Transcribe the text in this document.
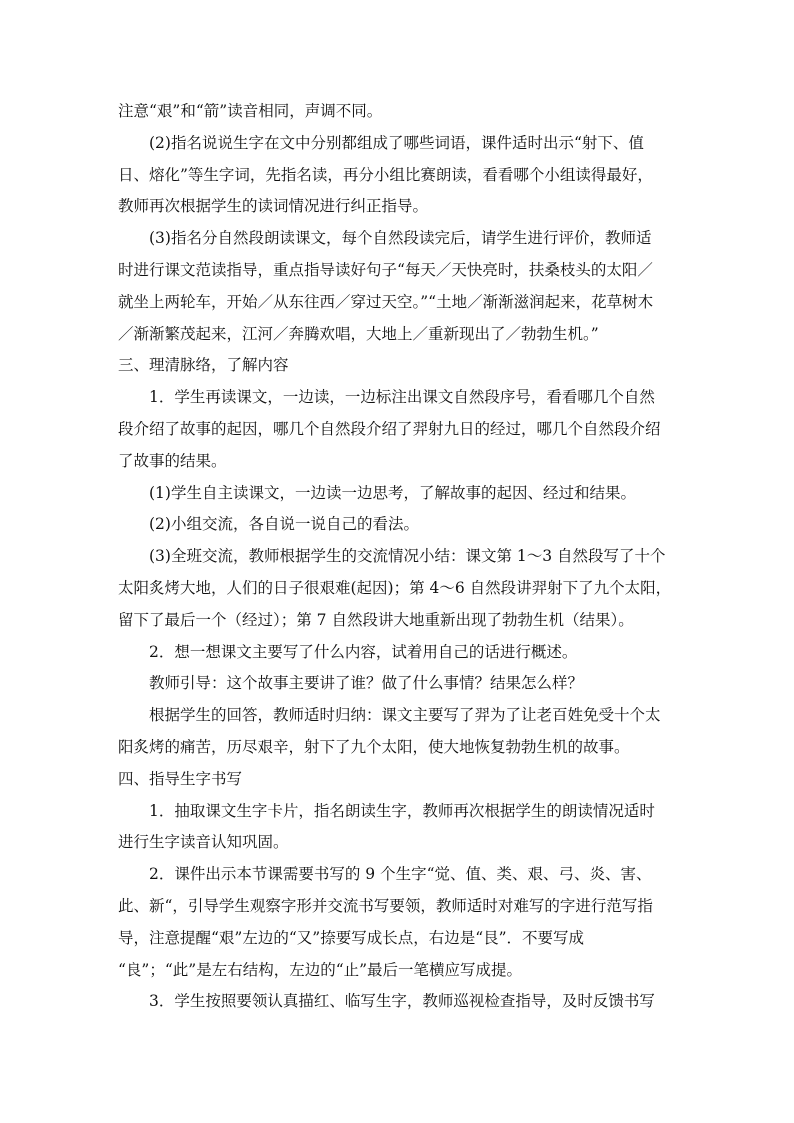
注意“艰”和“箭”读音相同，声调不同。
(2)指名说说生字在文中分别都组成了哪些词语，课件适时出示“射下、值
日、熔化”等生字词，先指名读，再分小组比赛朗读，看看哪个小组读得最好，
教师再次根据学生的读词情况进行纠正指导。
(3)指名分自然段朗读课文，每个自然段读完后，请学生进行评价，教师适
时进行课文范读指导，重点指导读好句子“每天／天快亮时，扶桑枝头的太阳／
就坐上两轮车，开始／从东往西／穿过天空。”“土地／渐渐滋润起来，花草树木
／渐渐繁茂起来，江河／奔腾欢唱，大地上／重新现出了／勃勃生机。”
三、理清脉络，了解内容
1．学生再读课文，一边读，一边标注出课文自然段序号，看看哪几个自然
段介绍了故事的起因，哪几个自然段介绍了羿射九日的经过，哪几个自然段介绍
了故事的结果。
(1)学生自主读课文，一边读一边思考，了解故事的起因、经过和结果。
(2)小组交流，各自说一说自己的看法。
(3)全班交流，教师根据学生的交流情况小结：课文第 1～3 自然段写了十个
太阳炙烤大地，人们的日子很艰难(起因)；第 4～6 自然段讲羿射下了九个太阳，
留下了最后一个（经过）；第 7 自然段讲大地重新出现了勃勃生机（结果）。
2．想一想课文主要写了什么内容，试着用自己的话进行概述。
教师引导：这个故事主要讲了谁？做了什么事情？结果怎么样？
根据学生的回答，教师适时归纳：课文主要写了羿为了让老百姓免受十个太
阳炙烤的痛苦，历尽艰辛，射下了九个太阳，使大地恢复勃勃生机的故事。
四、指导生字书写
1．抽取课文生字卡片，指名朗读生字，教师再次根据学生的朗读情况适时
进行生字读音认知巩固。
2．课件出示本节课需要书写的 9 个生字“觉、值、类、艰、弓、炎、害、
此、新“，引导学生观察字形并交流书写要领，教师适时对难写的字进行范写指
导，注意提醒“艰”左边的“又”捺要写成长点，右边是“艮”．不要写成
“良”；“此”是左右结构，左边的“止”最后一笔横应写成提。
3．学生按照要领认真描红、临写生字，教师巡视检查指导，及时反馈书写
